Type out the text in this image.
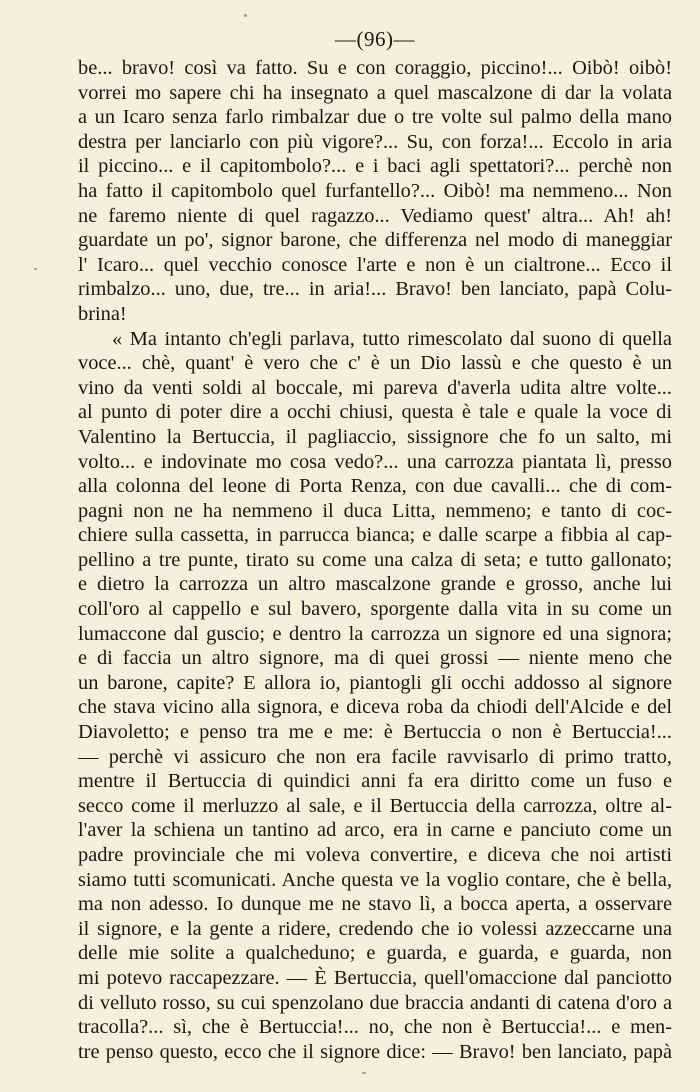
—(96)—
be... bravo! così va fatto. Su e con coraggio, piccino!... Oibò! oibò!
vorrei mo sapere chi ha insegnato a quel mascalzone di dar la volata
a un Icaro senza farlo rimbalzar due o tre volte sul palmo della mano
destra per lanciarlo con più vigore?... Su, con forza!... Eccolo in aria
il piccino... e il capitombolo?... e i baci agli spettatori?... perchè non
ha fatto il capitombolo quel furfantello?... Oibò! ma nemmeno... Non
ne faremo niente di quel ragazzo... Vediamo quest' altra... Ah! ah!
guardate un po', signor barone, che differenza nel modo di maneggiar
l' Icaro... quel vecchio conosce l'arte e non è un cialtrone... Ecco il
rimbalzo... uno, due, tre... in aria!... Bravo! ben lanciato, papà Colu-
brina!
« Ma intanto ch'egli parlava, tutto rimescolato dal suono di quella
voce... chè, quant' è vero che c' è un Dio lassù e che questo è un
vino da venti soldi al boccale, mi pareva d'averla udita altre volte...
al punto di poter dire a occhi chiusi, questa è tale e quale la voce di
Valentino la Bertuccia, il pagliaccio, sissignore che fo un salto, mi
volto... e indovinate mo cosa vedo?... una carrozza piantata lì, presso
alla colonna del leone di Porta Renza, con due cavalli... che di com-
pagni non ne ha nemmeno il duca Litta, nemmeno; e tanto di coc-
chiere sulla cassetta, in parrucca bianca; e dalle scarpe a fibbia al cap-
pellino a tre punte, tirato su come una calza di seta; e tutto gallonato;
e dietro la carrozza un altro mascalzone grande e grosso, anche lui
coll'oro al cappello e sul bavero, sporgente dalla vita in su come un
lumaccone dal guscio; e dentro la carrozza un signore ed una signora;
e di faccia un altro signore, ma di quei grossi — niente meno che
un barone, capite? E allora io, piantogli gli occhi addosso al signore
che stava vicino alla signora, e diceva roba da chiodi dell'Alcide e del
Diavoletto; e penso tra me e me: è Bertuccia o non è Bertuccia!...
— perchè vi assicuro che non era facile ravvisarlo di primo tratto,
mentre il Bertuccia di quindici anni fa era diritto come un fuso e
secco come il merluzzo al sale, e il Bertuccia della carrozza, oltre al-
l'aver la schiena un tantino ad arco, era in carne e panciuto come un
padre provinciale che mi voleva convertire, e diceva che noi artisti
siamo tutti scomunicati. Anche questa ve la voglio contare, che è bella,
ma non adesso. Io dunque me ne stavo lì, a bocca aperta, a osservare
il signore, e la gente a ridere, credendo che io volessi azzeccarne una
delle mie solite a qualcheduno; e guarda, e guarda, e guarda, non
mi potevo raccapezzare. — È Bertuccia, quell'omaccione dal panciotto
di velluto rosso, su cui spenzolano due braccia andanti di catena d'oro a
tracolla?... sì, che è Bertuccia!... no, che non è Bertuccia!... e men-
tre penso questo, ecco che il signore dice: — Bravo! ben lanciato, papà
